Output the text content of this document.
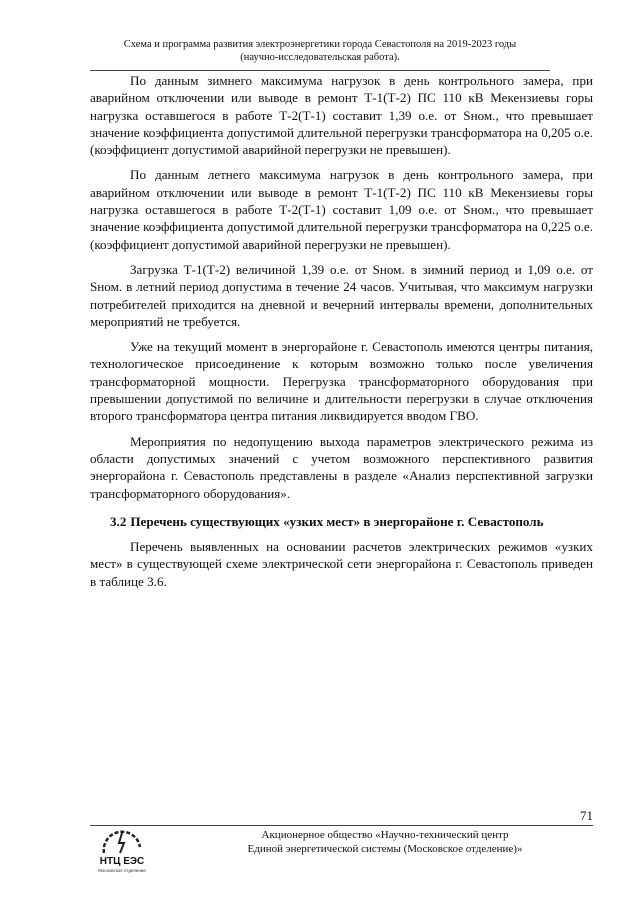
Схема и программа развития электроэнергетики города Севастополя на 2019-2023 годы
(научно-исследовательская работа).

По данным зимнего максимума нагрузок в день контрольного замера, при аварийном отключении или выводе в ремонт Т-1(Т-2) ПС 110 кВ Мекензиевы горы нагрузка оставшегося в работе Т-2(Т-1) составит 1,39 о.е. от Sном., что превышает значение коэффициента допустимой длительной перегрузки трансформатора на 0,205 о.е. (коэффициент допустимой аварийной перегрузки не превышен).

По данным летнего максимума нагрузок в день контрольного замера, при аварийном отключении или выводе в ремонт Т-1(Т-2) ПС 110 кВ Мекензиевы горы нагрузка оставшегося в работе Т-2(Т-1) составит 1,09 о.е. от Sном., что превышает значение коэффициента допустимой длительной перегрузки трансформатора на 0,225 о.е. (коэффициент допустимой аварийной перегрузки не превышен).

Загрузка Т-1(Т-2) величиной 1,39 о.е. от Sном. в зимний период и 1,09 о.е. от Sном. в летний период допустима в течение 24 часов. Учитывая, что максимум нагрузки потребителей приходится на дневной и вечерний интервалы времени, дополнительных мероприятий не требуется.

Уже на текущий момент в энергорайоне г. Севастополь имеются центры питания, технологическое присоединение к которым возможно только после увеличения трансформаторной мощности. Перегрузка трансформаторного оборудования при превышении допустимой по величине и длительности перегрузки в случае отключения второго трансформатора центра питания ликвидируется вводом ГВО.

Мероприятия по недопущению выхода параметров электрического режима из области допустимых значений с учетом возможного перспективного развития энергорайона г. Севастополь представлены в разделе «Анализ перспективной загрузки трансформаторного оборудования».

3.2 Перечень существующих «узких мест» в энергорайоне г. Севастополь

Перечень выявленных на основании расчетов электрических режимов «узких мест» в существующей схеме электрической сети энергорайона г. Севастополь приведен в таблице 3.6.

71
НТЦ ЕЭС
Московское отделение
Акционерное общество «Научно-технический центр
Единой энергетической системы (Московское отделение)»
